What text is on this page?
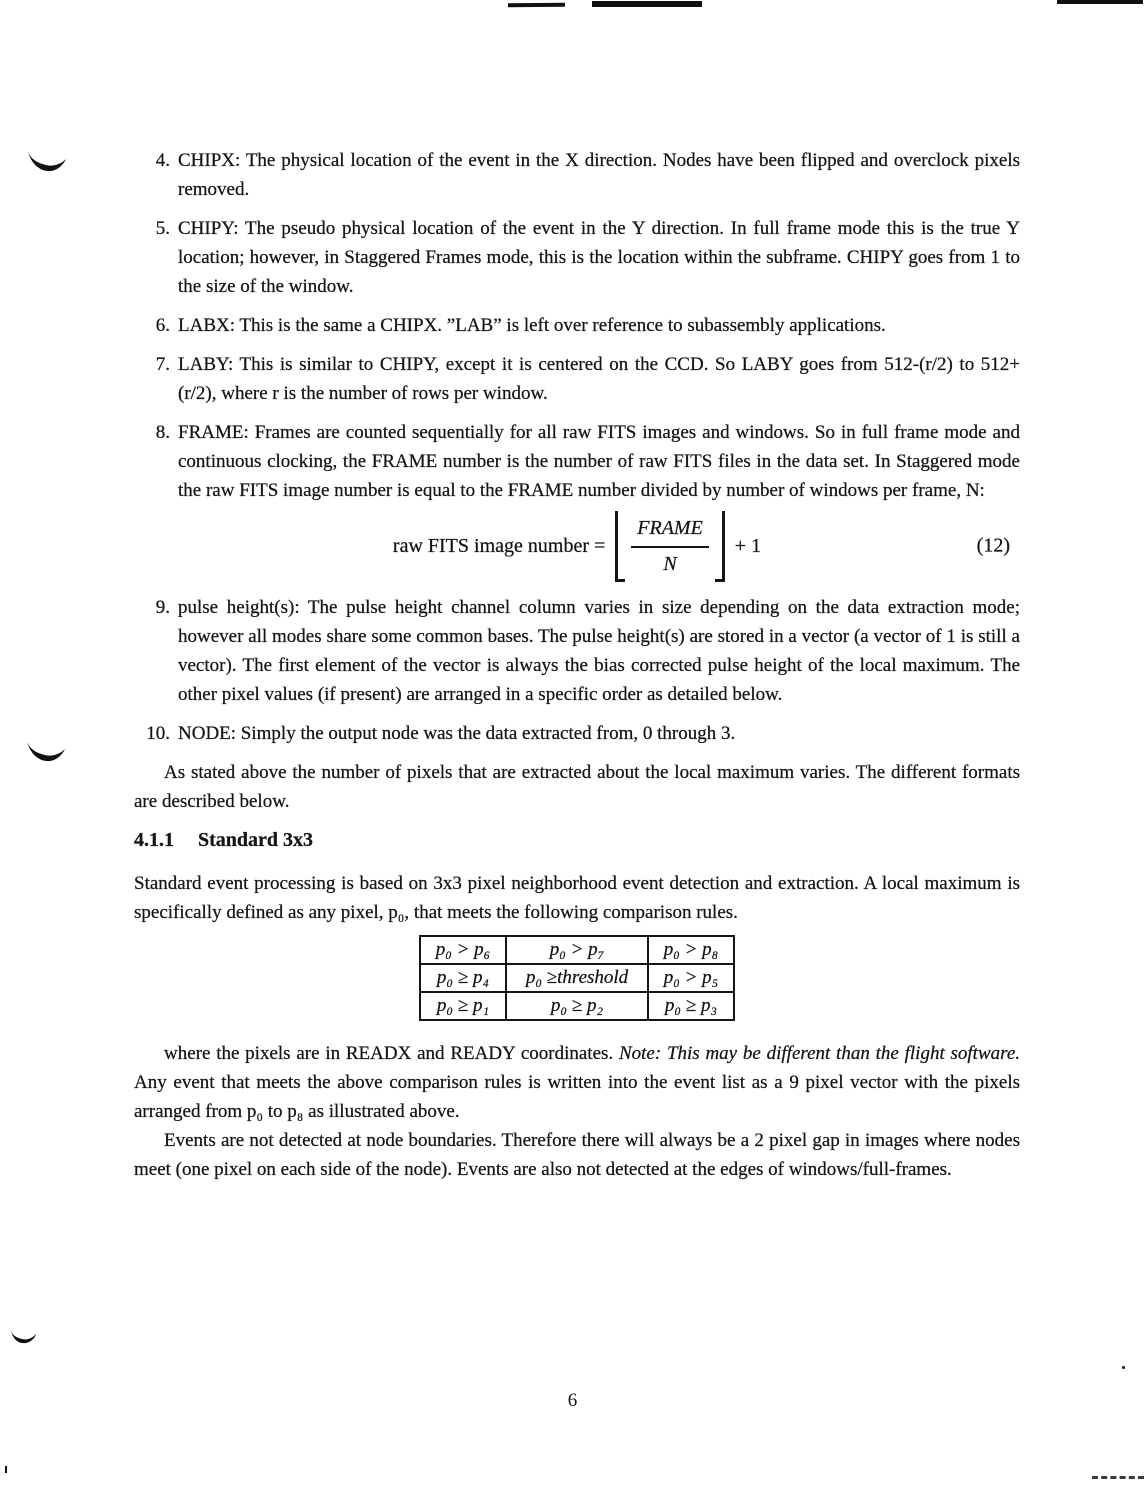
4. CHIPX: The physical location of the event in the X direction. Nodes have been flipped and overclock pixels removed.
5. CHIPY: The pseudo physical location of the event in the Y direction. In full frame mode this is the true Y location; however, in Staggered Frames mode, this is the location within the subframe. CHIPY goes from 1 to the size of the window.
6. LABX: This is the same a CHIPX. ”LAB” is left over reference to subassembly applications.
7. LABY: This is similar to CHIPY, except it is centered on the CCD. So LABY goes from 512-(r/2) to 512+(r/2), where r is the number of rows per window.
8. FRAME: Frames are counted sequentially for all raw FITS images and windows. So in full frame mode and continuous clocking, the FRAME number is the number of raw FITS files in the data set. In Staggered mode the raw FITS image number is equal to the FRAME number divided by number of windows per frame, N:
raw FITS image number = $\frac{\text{FRAME}}{N} + 1$	(12)
9. pulse height(s): The pulse height channel column varies in size depending on the data extraction mode; however all modes share some common bases. The pulse height(s) are stored in a vector (a vector of 1 is still a vector). The first element of the vector is always the bias corrected pulse height of the local maximum. The other pixel values (if present) are arranged in a specific order as detailed below.
10. NODE: Simply the output node was the data extracted from, 0 through 3.

As stated above the number of pixels that are extracted about the local maximum varies. The different formats are described below.

4.1.1 Standard 3x3

Standard event processing is based on 3x3 pixel neighborhood event detection and extraction. A local maximum is specifically defined as any pixel, p₀, that meets the following comparison rules.

p₀ > p₆	p₀ > p₇	p₀ > p₈
p₀ ≥ p₄	p₀ ≥threshold	p₀ > p₅
p₀ ≥ p₁	p₀ ≥ p₂	p₀ ≥ p₃

where the pixels are in READX and READY coordinates. Note: This may be different than the flight software. Any event that meets the above comparison rules is written into the event list as a 9 pixel vector with the pixels arranged from p₀ to p₈ as illustrated above.

Events are not detected at node boundaries. Therefore there will always be a 2 pixel gap in images where nodes meet (one pixel on each side of the node). Events are also not detected at the edges of windows/full-frames.

6
